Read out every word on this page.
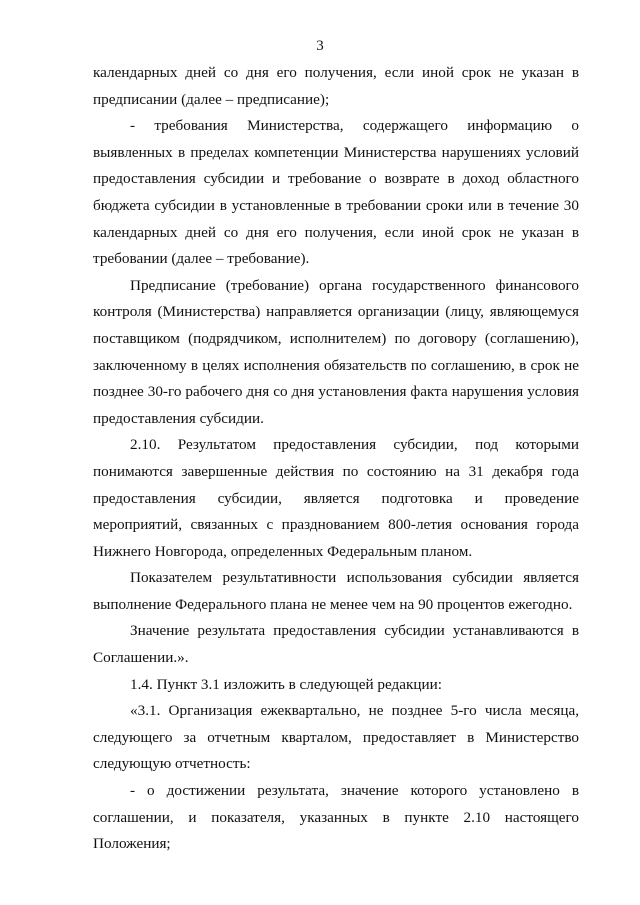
3

календарных дней со дня его получения, если иной срок не указан в предписании (далее – предписание);

- требования Министерства, содержащего информацию о выявленных в пределах компетенции Министерства нарушениях условий предоставления субсидии и требование о возврате в доход областного бюджета субсидии в установленные в требовании сроки или в течение 30 календарных дней со дня его получения, если иной срок не указан в требовании (далее – требование).

Предписание (требование) органа государственного финансового контроля (Министерства) направляется организации (лицу, являющемуся поставщиком (подрядчиком, исполнителем) по договору (соглашению), заключенному в целях исполнения обязательств по соглашению, в срок не позднее 30-го рабочего дня со дня установления факта нарушения условия предоставления субсидии.

2.10. Результатом предоставления субсидии, под которыми понимаются завершенные действия по состоянию на 31 декабря года предоставления субсидии, является подготовка и проведение мероприятий, связанных с празднованием 800-летия основания города Нижнего Новгорода, определенных Федеральным планом.

Показателем результативности использования субсидии является выполнение Федерального плана не менее чем на 90 процентов ежегодно.

Значение результата предоставления субсидии устанавливаются в Соглашении.».

1.4. Пункт 3.1 изложить в следующей редакции:

«3.1. Организация ежеквартально, не позднее 5-го числа месяца, следующего за отчетным кварталом, предоставляет в Министерство следующую отчетность:

- о достижении результата, значение которого установлено в соглашении, и показателя, указанных в пункте 2.10 настоящего Положения;
